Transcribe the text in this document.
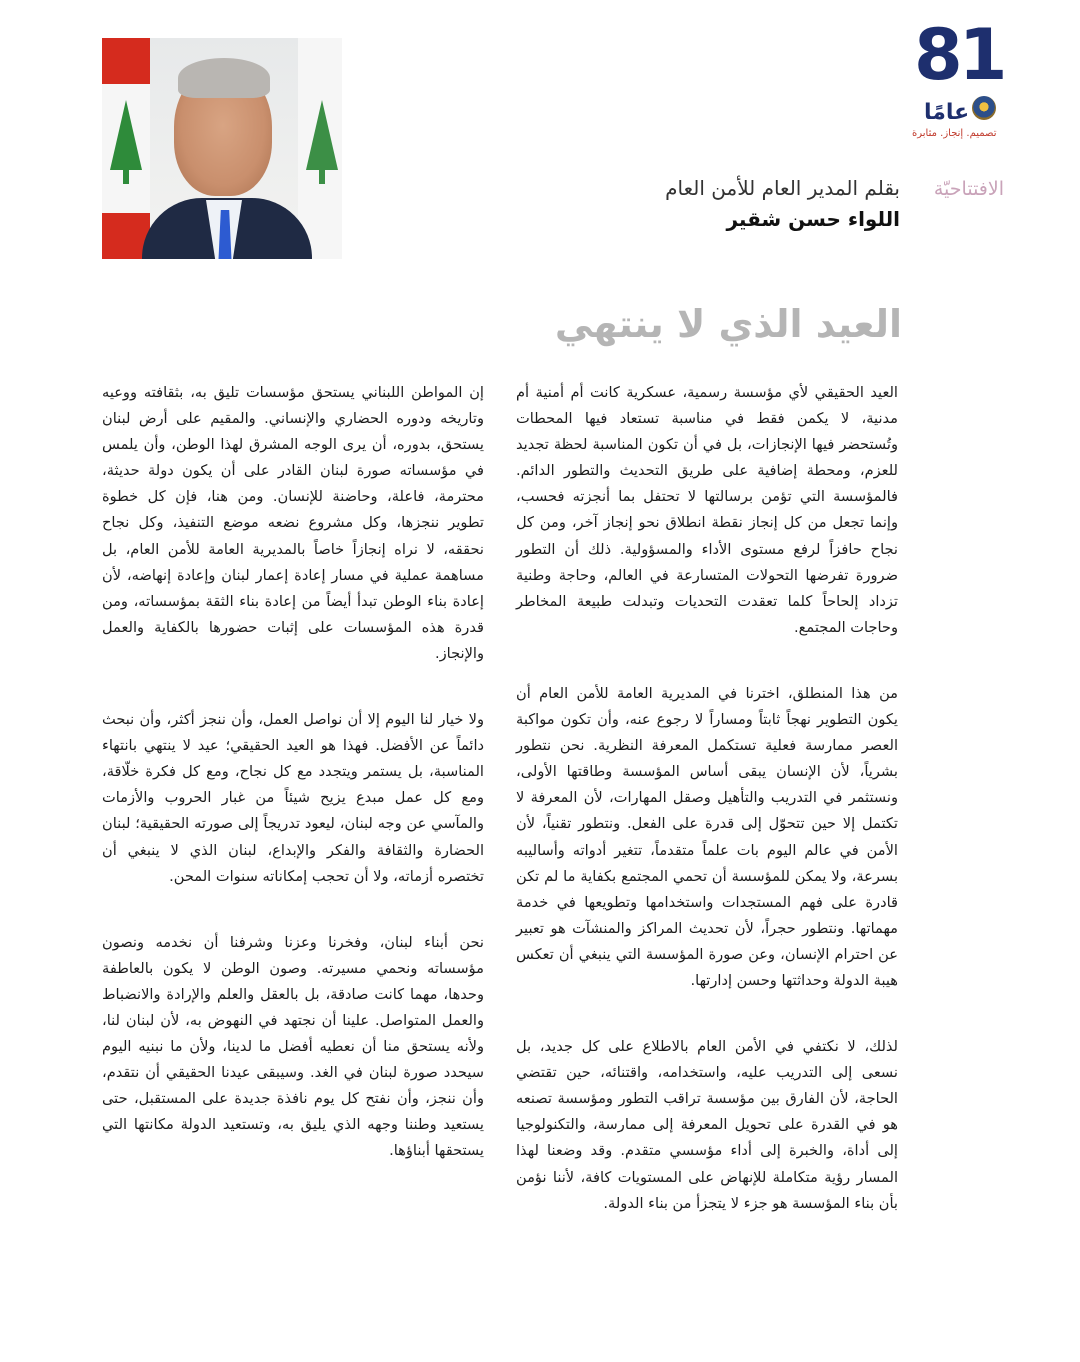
81
عامًا
تصميم. إنجاز. مثابرة
الافتتاحيّة
بقلم المدير العام للأمن العام
اللواء حسن شقير
العيد الذي لا ينتهي

العيد الحقيقي لأي مؤسسة رسمية، عسكرية كانت أم أمنية أم مدنية، لا يكمن فقط في مناسبة تستعاد فيها المحطات وتُستحضر فيها الإنجازات، بل في أن تكون المناسبة لحظة تجديد للعزم، ومحطة إضافية على طريق التحديث والتطور الدائم. فالمؤسسة التي تؤمن برسالتها لا تحتفل بما أنجزته فحسب، وإنما تجعل من كل إنجاز نقطة انطلاق نحو إنجاز آخر، ومن كل نجاح حافزاً لرفع مستوى الأداء والمسؤولية. ذلك أن التطور ضرورة تفرضها التحولات المتسارعة في العالم، وحاجة وطنية تزداد إلحاحاً كلما تعقدت التحديات وتبدلت طبيعة المخاطر وحاجات المجتمع.

من هذا المنطلق، اخترنا في المديرية العامة للأمن العام أن يكون التطوير نهجاً ثابتاً ومساراً لا رجوع عنه، وأن تكون مواكبة العصر ممارسة فعلية تستكمل المعرفة النظرية. نحن نتطور بشرياً، لأن الإنسان يبقى أساس المؤسسة وطاقتها الأولى، ونستثمر في التدريب والتأهيل وصقل المهارات، لأن المعرفة لا تكتمل إلا حين تتحوّل إلى قدرة على الفعل. ونتطور تقنياً، لأن الأمن في عالم اليوم بات علماً متقدماً، تتغير أدواته وأساليبه بسرعة، ولا يمكن للمؤسسة أن تحمي المجتمع بكفاية ما لم تكن قادرة على فهم المستجدات واستخدامها وتطويعها في خدمة مهماتها. ونتطور حجراً، لأن تحديث المراكز والمنشآت هو تعبير عن احترام الإنسان، وعن صورة المؤسسة التي ينبغي أن تعكس هيبة الدولة وحداثتها وحسن إدارتها.

لذلك، لا نكتفي في الأمن العام بالاطلاع على كل جديد، بل نسعى إلى التدريب عليه، واستخدامه، واقتنائه، حين تقتضي الحاجة، لأن الفارق بين مؤسسة تراقب التطور ومؤسسة تصنعه هو في القدرة على تحويل المعرفة إلى ممارسة، والتكنولوجيا إلى أداة، والخبرة إلى أداء مؤسسي متقدم. وقد وضعنا لهذا المسار رؤية متكاملة للإنهاض على المستويات كافة، لأننا نؤمن بأن بناء المؤسسة هو جزء لا يتجزأ من بناء الدولة.

إن المواطن اللبناني يستحق مؤسسات تليق به، بثقافته ووعيه وتاريخه ودوره الحضاري والإنساني. والمقيم على أرض لبنان يستحق، بدوره، أن يرى الوجه المشرق لهذا الوطن، وأن يلمس في مؤسساته صورة لبنان القادر على أن يكون دولة حديثة، محترمة، فاعلة، وحاضنة للإنسان. ومن هنا، فإن كل خطوة تطوير ننجزها، وكل مشروع نضعه موضع التنفيذ، وكل نجاح نحققه، لا نراه إنجازاً خاصاً بالمديرية العامة للأمن العام، بل مساهمة عملية في مسار إعادة إعمار لبنان وإعادة إنهاضه، لأن إعادة بناء الوطن تبدأ أيضاً من إعادة بناء الثقة بمؤسساته، ومن قدرة هذه المؤسسات على إثبات حضورها بالكفاية والعمل والإنجاز.

ولا خيار لنا اليوم إلا أن نواصل العمل، وأن ننجز أكثر، وأن نبحث دائماً عن الأفضل. فهذا هو العيد الحقيقي؛ عيد لا ينتهي بانتهاء المناسبة، بل يستمر ويتجدد مع كل نجاح، ومع كل فكرة خلّاقة، ومع كل عمل مبدع يزيح شيئاً من غبار الحروب والأزمات والمآسي عن وجه لبنان، ليعود تدريجاً إلى صورته الحقيقية؛ لبنان الحضارة والثقافة والفكر والإبداع، لبنان الذي لا ينبغي أن تختصره أزماته، ولا أن تحجب إمكاناته سنوات المحن.

نحن أبناء لبنان، وفخرنا وعزنا وشرفنا أن نخدمه ونصون مؤسساته ونحمي مسيرته. وصون الوطن لا يكون بالعاطفة وحدها، مهما كانت صادقة، بل بالعقل والعلم والإرادة والانضباط والعمل المتواصل. علينا أن نجتهد في النهوض به، لأن لبنان لنا، ولأنه يستحق منا أن نعطيه أفضل ما لدينا، ولأن ما نبنيه اليوم سيحدد صورة لبنان في الغد. وسيبقى عيدنا الحقيقي أن نتقدم، وأن ننجز، وأن نفتح كل يوم نافذة جديدة على المستقبل، حتى يستعيد وطننا وجهه الذي يليق به، وتستعيد الدولة مكانتها التي يستحقها أبناؤها.
